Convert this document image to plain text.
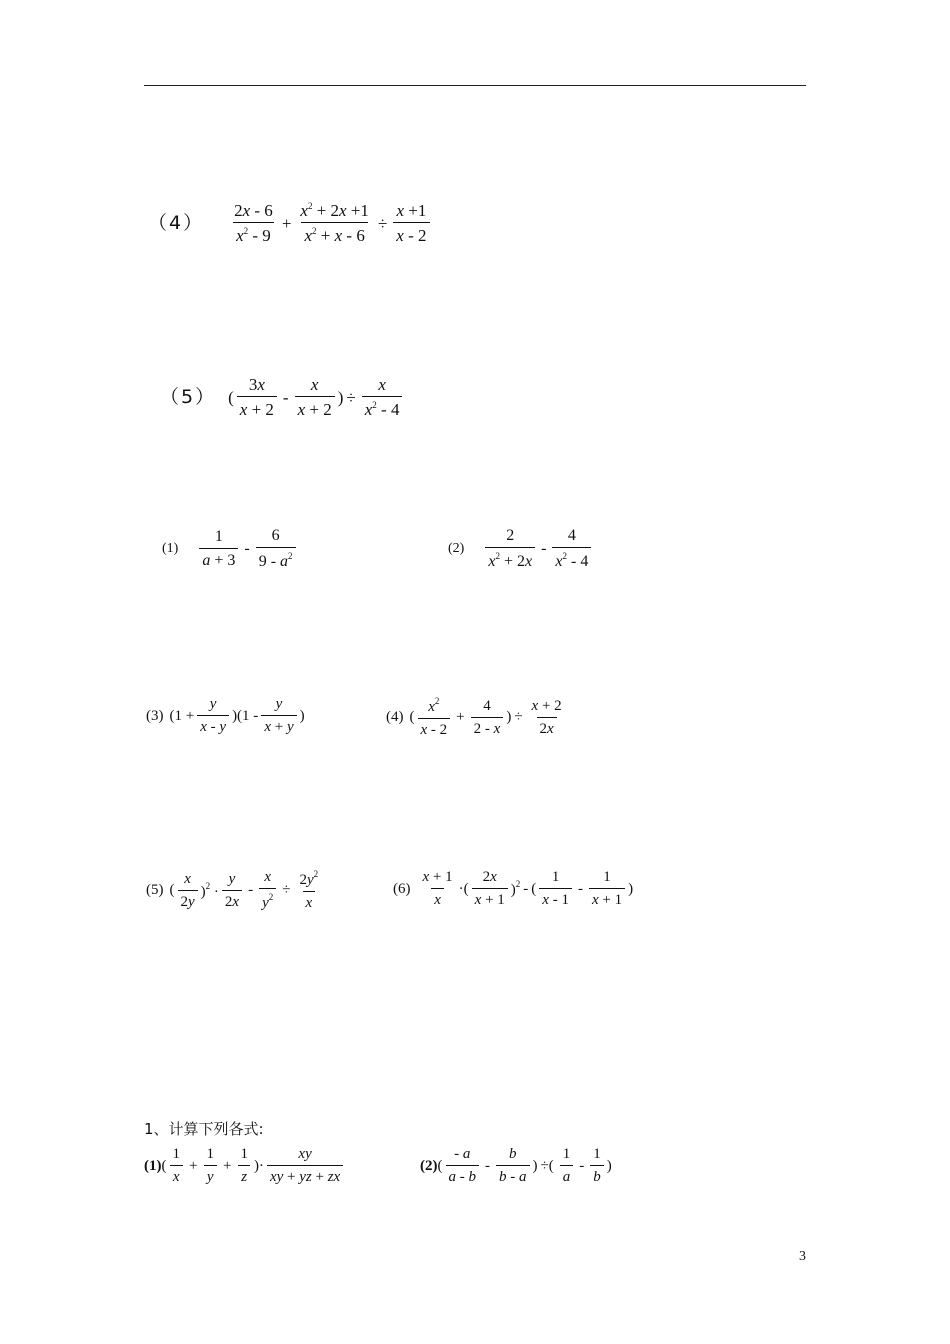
$(4) \frac{2x - 6}{x^2 - 9} + \frac{x^2 + 2x +1}{x^2 + x - 6} \div \frac{x +1}{x - 2}$
（5） ( $\frac{3x}{x + 2} - \frac{x}{x + 2}$ ) ÷ $\frac{x}{x^2 - 4}$
$(1) \frac{1}{a + 3} - \frac{6}{9 - a^2}$	$(2) \frac{2}{x^2 + 2x} - \frac{4}{x^2 - 4}$
(3) $(1 + \frac{y}{x - y} )(1 - \frac{y}{x + y}$ )	(4) ( $\frac{x^2}{x - 2} + \frac{4}{2 - x}$ ) ÷ $\frac{x + 2}{2x}$
(5) ( $\frac{x}{2y} )^2 \cdot \frac{y}{2x} - \frac{x}{y^2} \div \frac{2y^2}{x}$	$(6) \frac{x + 1}{x}$ ·( $\frac{2x}{x + 1} )^2$ - ( $\frac{1}{x - 1} - \frac{1}{x + 1}$ )
1、计算下列各式:
(1) ( $\frac{1}{x} + \frac{1}{y} + \frac{1}{z}$ )· $\frac{xy}{xy + yz + zx}$	(2) ( $\frac{- a}{a - b} - \frac{b}{b - a}$ ) ÷( $\frac{1}{a} - \frac{1}{b}$ )
3
